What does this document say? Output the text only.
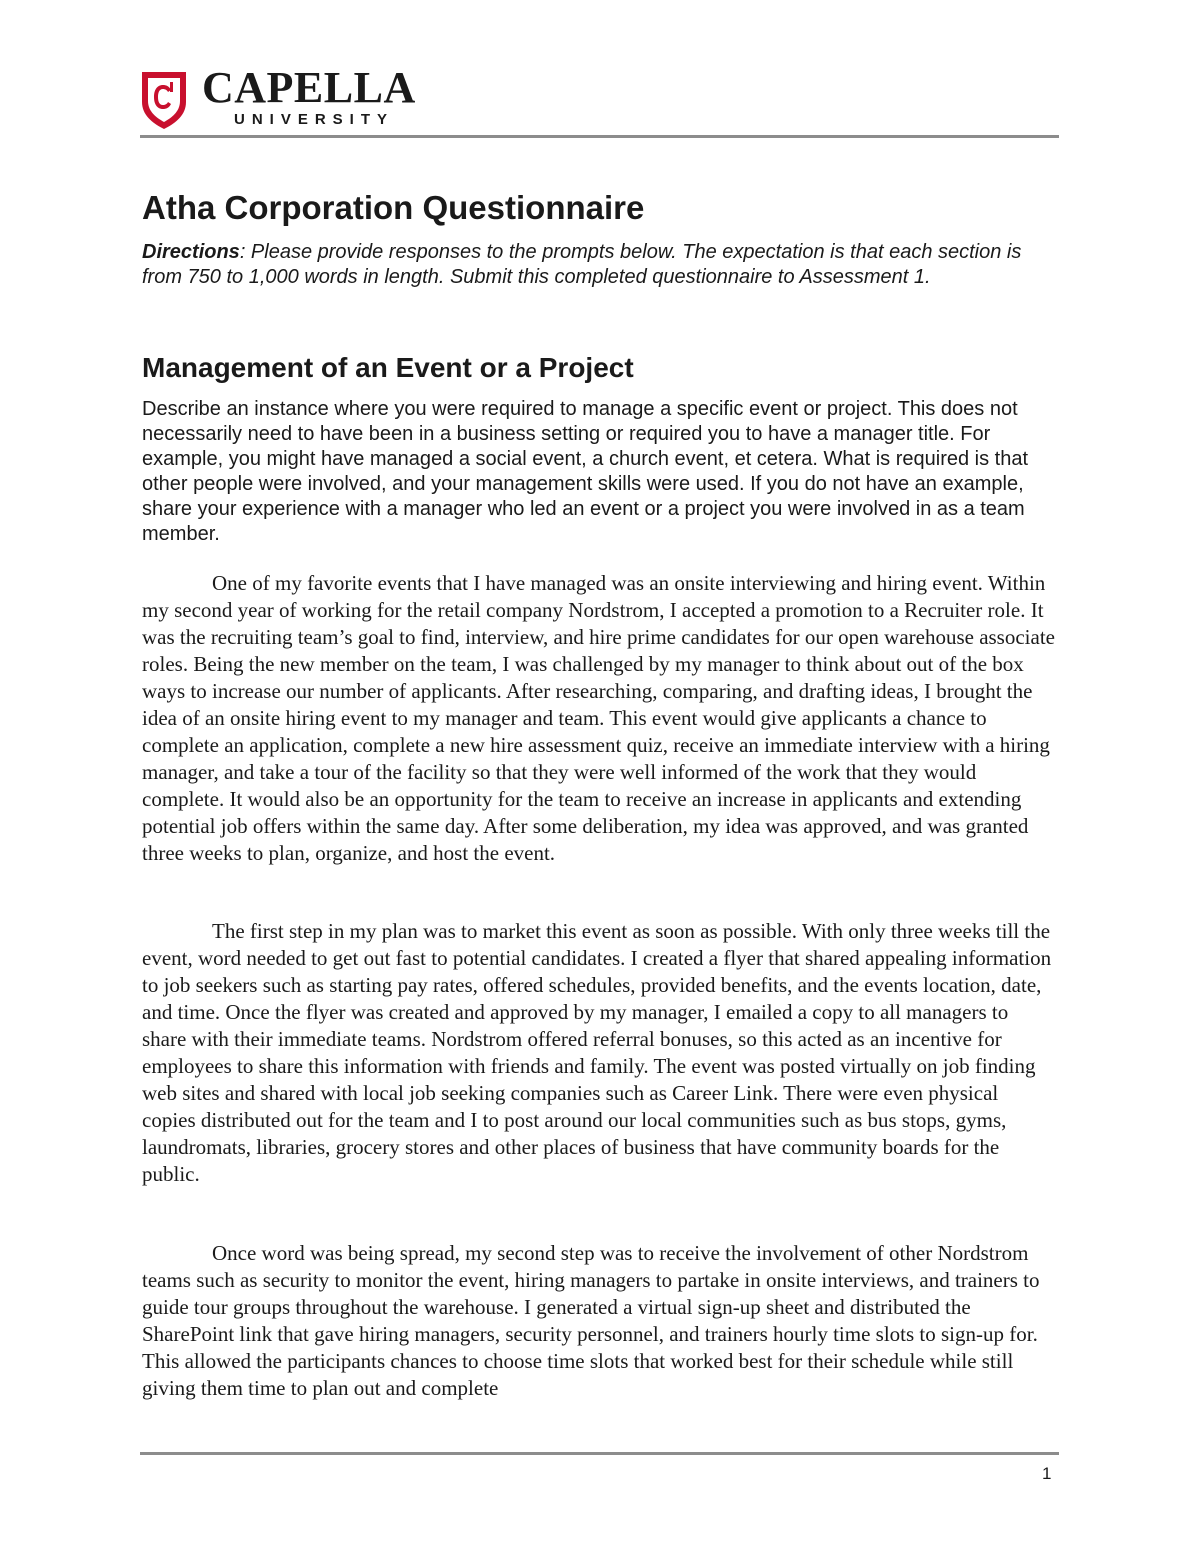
CAPELLA
UNIVERSITY
Atha Corporation Questionnaire

Directions: Please provide responses to the prompts below. The expectation is that each section is from 750 to 1,000 words in length. Submit this completed questionnaire to Assessment 1.

Management of an Event or a Project

Describe an instance where you were required to manage a specific event or project. This does not necessarily need to have been in a business setting or required you to have a manager title. For example, you might have managed a social event, a church event, et cetera. What is required is that other people were involved, and your management skills were used. If you do not have an example, share your experience with a manager who led an event or a project you were involved in as a team member.

One of my favorite events that I have managed was an onsite interviewing and hiring event. Within my second year of working for the retail company Nordstrom, I accepted a promotion to a Recruiter role. It was the recruiting team’s goal to find, interview, and hire prime candidates for our open warehouse associate roles. Being the new member on the team, I was challenged by my manager to think about out of the box ways to increase our number of applicants. After researching, comparing, and drafting ideas, I brought the idea of an onsite hiring event to my manager and team. This event would give applicants a chance to complete an application, complete a new hire assessment quiz, receive an immediate interview with a hiring manager, and take a tour of the facility so that they were well informed of the work that they would complete. It would also be an opportunity for the team to receive an increase in applicants and extending potential job offers within the same day. After some deliberation, my idea was approved, and was granted three weeks to plan, organize, and host the event.

The first step in my plan was to market this event as soon as possible. With only three weeks till the event, word needed to get out fast to potential candidates. I created a flyer that shared appealing information to job seekers such as starting pay rates, offered schedules, provided benefits, and the events location, date, and time. Once the flyer was created and approved by my manager, I emailed a copy to all managers to share with their immediate teams. Nordstrom offered referral bonuses, so this acted as an incentive for employees to share this information with friends and family. The event was posted virtually on job finding web sites and shared with local job seeking companies such as Career Link. There were even physical copies distributed out for the team and I to post around our local communities such as bus stops, gyms, laundromats, libraries, grocery stores and other places of business that have community boards for the public.

Once word was being spread, my second step was to receive the involvement of other Nordstrom teams such as security to monitor the event, hiring managers to partake in onsite interviews, and trainers to guide tour groups throughout the warehouse. I generated a virtual sign-up sheet and distributed the SharePoint link that gave hiring managers, security personnel, and trainers hourly time slots to sign-up for. This allowed the participants chances to choose time slots that worked best for their schedule while still giving them time to plan out and complete

1
